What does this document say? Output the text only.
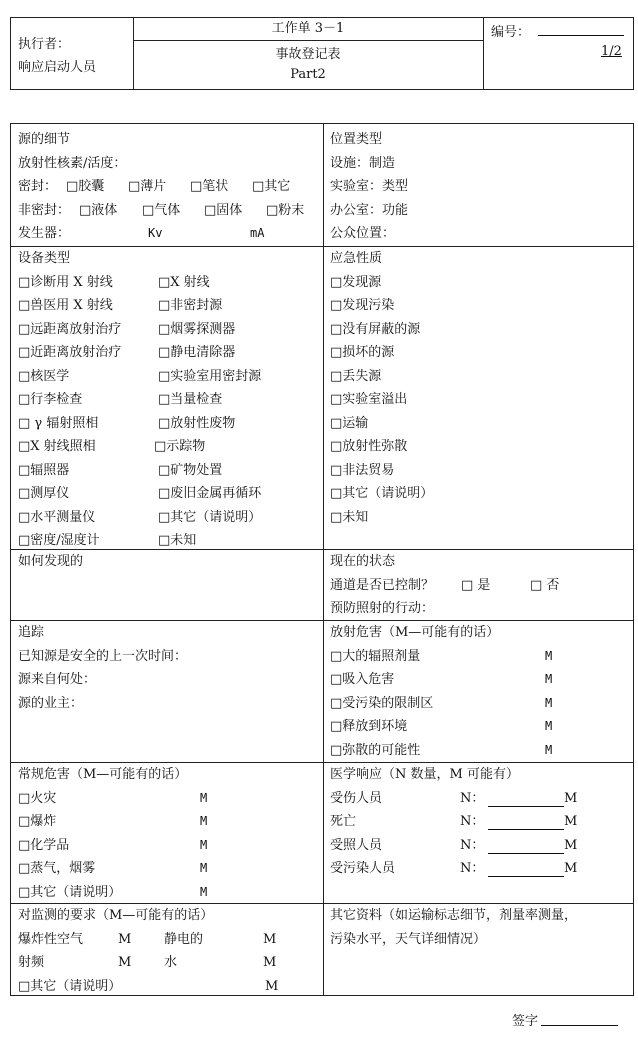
执行者：
响应启动人员
工作单 3－1
事故登记表
Part2
编号：
1/2
源的细节
放射性核素/活度：
密封： □胶囊 □薄片 □笔状 □其它
非密封： □液体 □气体 □固体 □粉末
发生器：	Kv	mA
位置类型
设施：制造
实验室：类型
办公室：功能
公众位置：
设备类型
□诊断用 X 射线	□X 射线
□兽医用 X 射线	□非密封源
□远距离放射治疗	□烟雾探测器
□近距离放射治疗	□静电清除器
□核医学	□实验室用密封源
□行李检查	□当量检查
□ γ 辐射照相	□放射性废物
□X 射线照相	□示踪物
□辐照器	□矿物处置
□测厚仪	□废旧金属再循环
□水平测量仪	□其它（请说明）
□密度/湿度计	□未知
应急性质
□发现源
□发现污染
□没有屏蔽的源
□损坏的源
□丢失源
□实验室溢出
□运输
□放射性弥散
□非法贸易
□其它（请说明）
□未知
如何发现的	现在的状态
通道是否已控制？ □ 是	□ 否
预防照射的行动：
追踪
已知源是安全的上一次时间：
源来自何处：
源的业主：
放射危害（M—可能有的话）
□大的辐照剂量	M
□吸入危害	M
□受污染的限制区	M
□释放到环境	M
□弥散的可能性	M
常规危害（M—可能有的话）
□火灾	M
□爆炸	M
□化学品	M
□蒸气，烟雾	M
□其它（请说明）	M
医学响应（N 数量，M 可能有）
受伤人员	N：	M
死亡	N：	M
受照人员	N：	M
受污染人员	N：	M
对监测的要求（M—可能有的话）
爆炸性空气	M	静电的	M
射频	M	水	M
□其它（请说明）	M
其它资料（如运输标志细节，剂量率测量，
污染水平，天气详细情况）
签字
